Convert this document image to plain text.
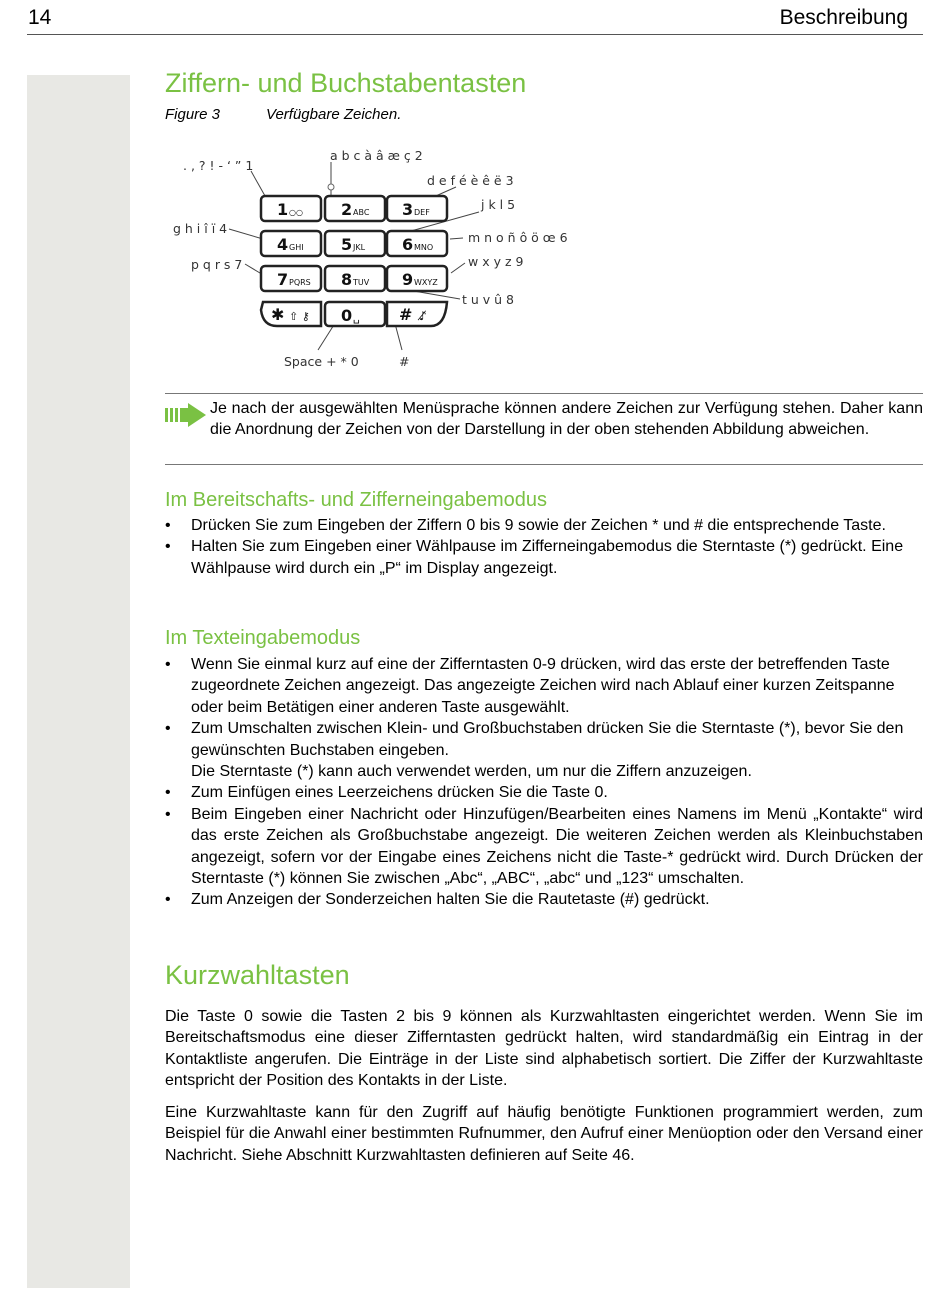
14	Beschreibung
Ziffern- und Buchstabentasten
Figure 3	Verfügbare Zeichen.
1	2	3
4	5	6
7	8	9
✱	0	#
○○	ABC	DEF
GHI	JKL	MNO
PQRS	TUV	WXYZ
⇧ ⚷	␣	♪̸
. , ? ! - ‘ ” 1
a b c à â æ ç 2
d e f é è ê ë 3
j k l 5
g h i î ï 4
m n o ñ ô ö œ 6
p q r s 7	w x y z 9
t u v û 8
Space + * 0	#
Je nach der ausgewählten Menüsprache können andere Zeichen zur Verfügung stehen. Daher kann die Anordnung der Zeichen von der Darstellung in der oben stehenden Abbildung abweichen.
Im Bereitschafts- und Zifferneingabemodus
• Drücken Sie zum Eingeben der Ziffern 0 bis 9 sowie der Zeichen * und # die entsprechende Taste.
• Halten Sie zum Eingeben einer Wählpause im Zifferneingabemodus die Sterntaste (*) gedrückt. Eine Wählpause wird durch ein „P“ im Display angezeigt.
Im Texteingabemodus
• Wenn Sie einmal kurz auf eine der Zifferntasten 0-9 drücken, wird das erste der betreffenden Taste zugeordnete Zeichen angezeigt. Das angezeigte Zeichen wird nach Ablauf einer kurzen Zeitspanne oder beim Betätigen einer anderen Taste ausgewählt.
• Zum Umschalten zwischen Klein- und Großbuchstaben drücken Sie die Sterntaste (*), bevor Sie den gewünschten Buchstaben eingeben.
Die Sterntaste (*) kann auch verwendet werden, um nur die Ziffern anzuzeigen.
• Zum Einfügen eines Leerzeichens drücken Sie die Taste 0.
• Beim Eingeben einer Nachricht oder Hinzufügen/Bearbeiten eines Namens im Menü „Kontakte“ wird das erste Zeichen als Großbuchstabe angezeigt. Die weiteren Zeichen werden als Kleinbuchstaben angezeigt, sofern vor der Eingabe eines Zeichens nicht die Taste-* gedrückt wird. Durch Drücken der Sterntaste (*) können Sie zwischen „Abc“, „ABC“, „abc“ und „123“ umschalten.
• Zum Anzeigen der Sonderzeichen halten Sie die Rautetaste (#) gedrückt.
Kurzwahltasten

Die Taste 0 sowie die Tasten 2 bis 9 können als Kurzwahltasten eingerichtet werden. Wenn Sie im Bereitschaftsmodus eine dieser Zifferntasten gedrückt halten, wird standardmäßig ein Eintrag in der Kontaktliste angerufen. Die Einträge in der Liste sind alphabetisch sortiert. Die Ziffer der Kurzwahltaste entspricht der Position des Kontakts in der Liste.

Eine Kurzwahltaste kann für den Zugriff auf häufig benötigte Funktionen programmiert werden, zum Beispiel für die Anwahl einer bestimmten Rufnummer, den Aufruf einer Menüoption oder den Versand einer Nachricht. Siehe Abschnitt Kurzwahltasten definieren auf Seite 46.
